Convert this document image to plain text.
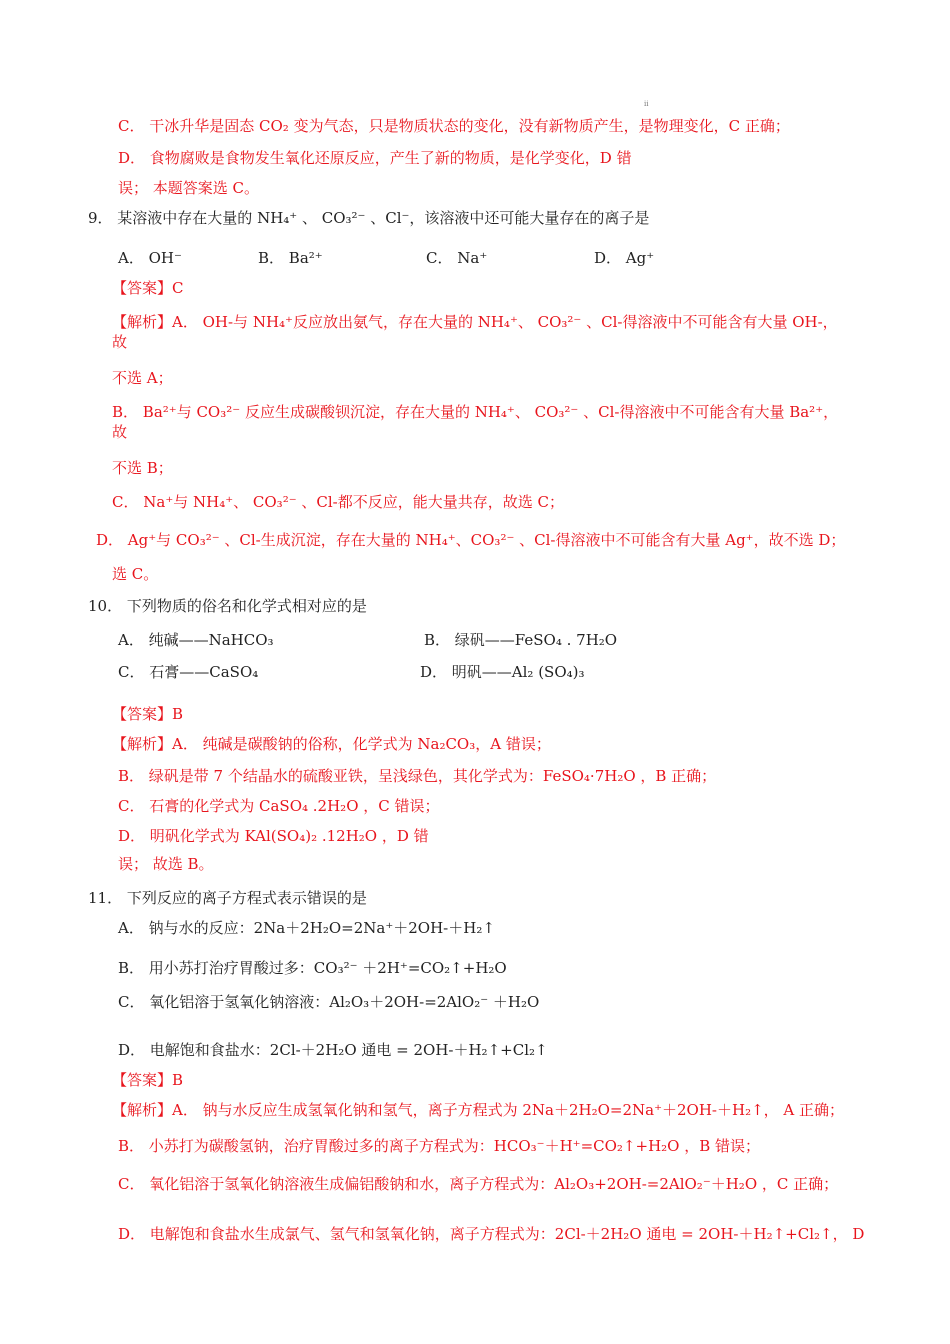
ii
C． 干冰升华是固态 CO₂ 变为气态，只是物质状态的变化，没有新物质产生，是物理变化，C 正确；
D． 食物腐败是食物发生氧化还原反应，产生了新的物质，是化学变化，D 错
误； 本题答案选 C。
9． 某溶液中存在大量的 NH₄⁺ 、 CO₃²⁻ 、Cl⁻，该溶液中还可能大量存在的离子是
A． OH⁻	B． Ba²⁺	C． Na⁺	D． Ag⁺
【答案】C
【解析】A． OH-与 NH₄⁺反应放出氨气，存在大量的 NH₄⁺、 CO₃²⁻ 、Cl-得溶液中不可能含有大量 OH-，
故
不选 A；
B． Ba²⁺与 CO₃²⁻ 反应生成碳酸钡沉淀，存在大量的 NH₄⁺、 CO₃²⁻ 、Cl-得溶液中不可能含有大量 Ba²⁺，
故
不选 B；
C． Na⁺与 NH₄⁺、 CO₃²⁻ 、Cl-都不反应，能大量共存，故选 C；
D． Ag⁺与 CO₃²⁻ 、Cl-生成沉淀，存在大量的 NH₄⁺、CO₃²⁻ 、Cl-得溶液中不可能含有大量 Ag⁺，故不选 D；
选 C。
10． 下列物质的俗名和化学式相对应的是
A． 纯碱——NaHCO₃	B． 绿矾——FeSO₄ . 7H₂O
C． 石膏——CaSO₄	D． 明矾——Al₂ (SO₄)₃
【答案】B
【解析】A． 纯碱是碳酸钠的俗称，化学式为 Na₂CO₃，A 错误；
B． 绿矾是带 7 个结晶水的硫酸亚铁，呈浅绿色，其化学式为：FeSO₄·7H₂O ，B 正确；
C． 石膏的化学式为 CaSO₄ .2H₂O ，C 错误；
D． 明矾化学式为 KAl(SO₄)₂ .12H₂O ，D 错
误； 故选 B。
11． 下列反应的离子方程式表示错误的是
A． 钠与水的反应：2Na＋2H₂O=2Na⁺＋2OH-＋H₂↑
B． 用小苏打治疗胃酸过多：CO₃²⁻ ＋2H⁺=CO₂↑+H₂O
C． 氧化铝溶于氢氧化钠溶液：Al₂O₃＋2OH-=2AlO₂⁻ ＋H₂O
D． 电解饱和食盐水：2Cl-＋2H₂O 通电 = 2OH-＋H₂↑+Cl₂↑
【答案】B
【解析】A． 钠与水反应生成氢氧化钠和氢气，离子方程式为 2Na＋2H₂O=2Na⁺＋2OH-＋H₂↑， A 正确；
B． 小苏打为碳酸氢钠，治疗胃酸过多的离子方程式为：HCO₃⁻＋H⁺=CO₂↑+H₂O ，B 错误；
C． 氧化铝溶于氢氧化钠溶液生成偏铝酸钠和水，离子方程式为：Al₂O₃+2OH-=2AlO₂⁻＋H₂O ，C 正确；
D． 电解饱和食盐水生成氯气、氢气和氢氧化钠，离子方程式为：2Cl-＋2H₂O 通电 = 2OH-＋H₂↑+Cl₂↑， D
